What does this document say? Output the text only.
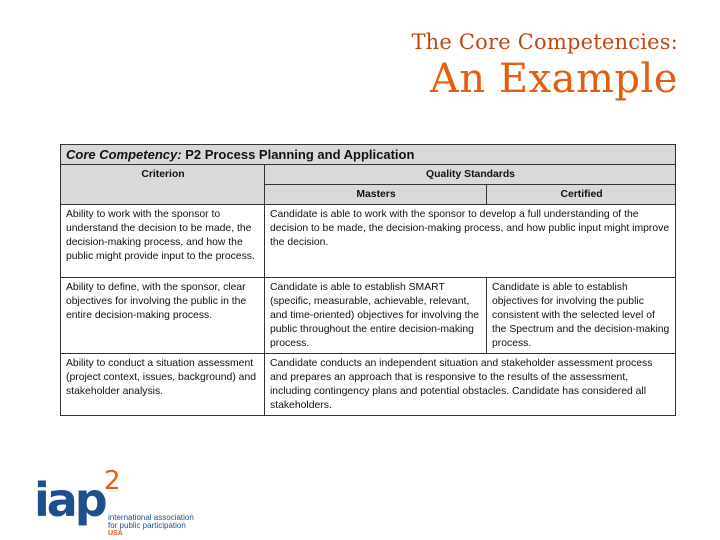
The Core Competencies:
An Example
Core Competency: P2 Process Planning and Application		
Criterion	Quality Standards	
	Masters	Certified
Ability to work with the sponsor to understand the decision to be made, the decision-making process, and how the public might provide input to the process.	Candidate is able to work with the sponsor to develop a full understanding of the decision to be made, the decision-making process, and how public input might improve the decision.	
Ability to define, with the sponsor, clear objectives for involving the public in the entire decision-making process.	Candidate is able to establish SMART (specific, measurable, achievable, relevant, and time-oriented) objectives for involving the public throughout the entire decision-making process.	Candidate is able to establish objectives for involving the public consistent with the selected level of the Spectrum and the decision-making process.
Ability to conduct a situation assessment (project context, issues, background) and stakeholder analysis.	Candidate conducts an independent situation and stakeholder assessment process and prepares an approach that is responsive to the results of the assessment, including contingency plans and potential obstacles. Candidate has considered all stakeholders.	
iap 2
international association
for public participation
USA
